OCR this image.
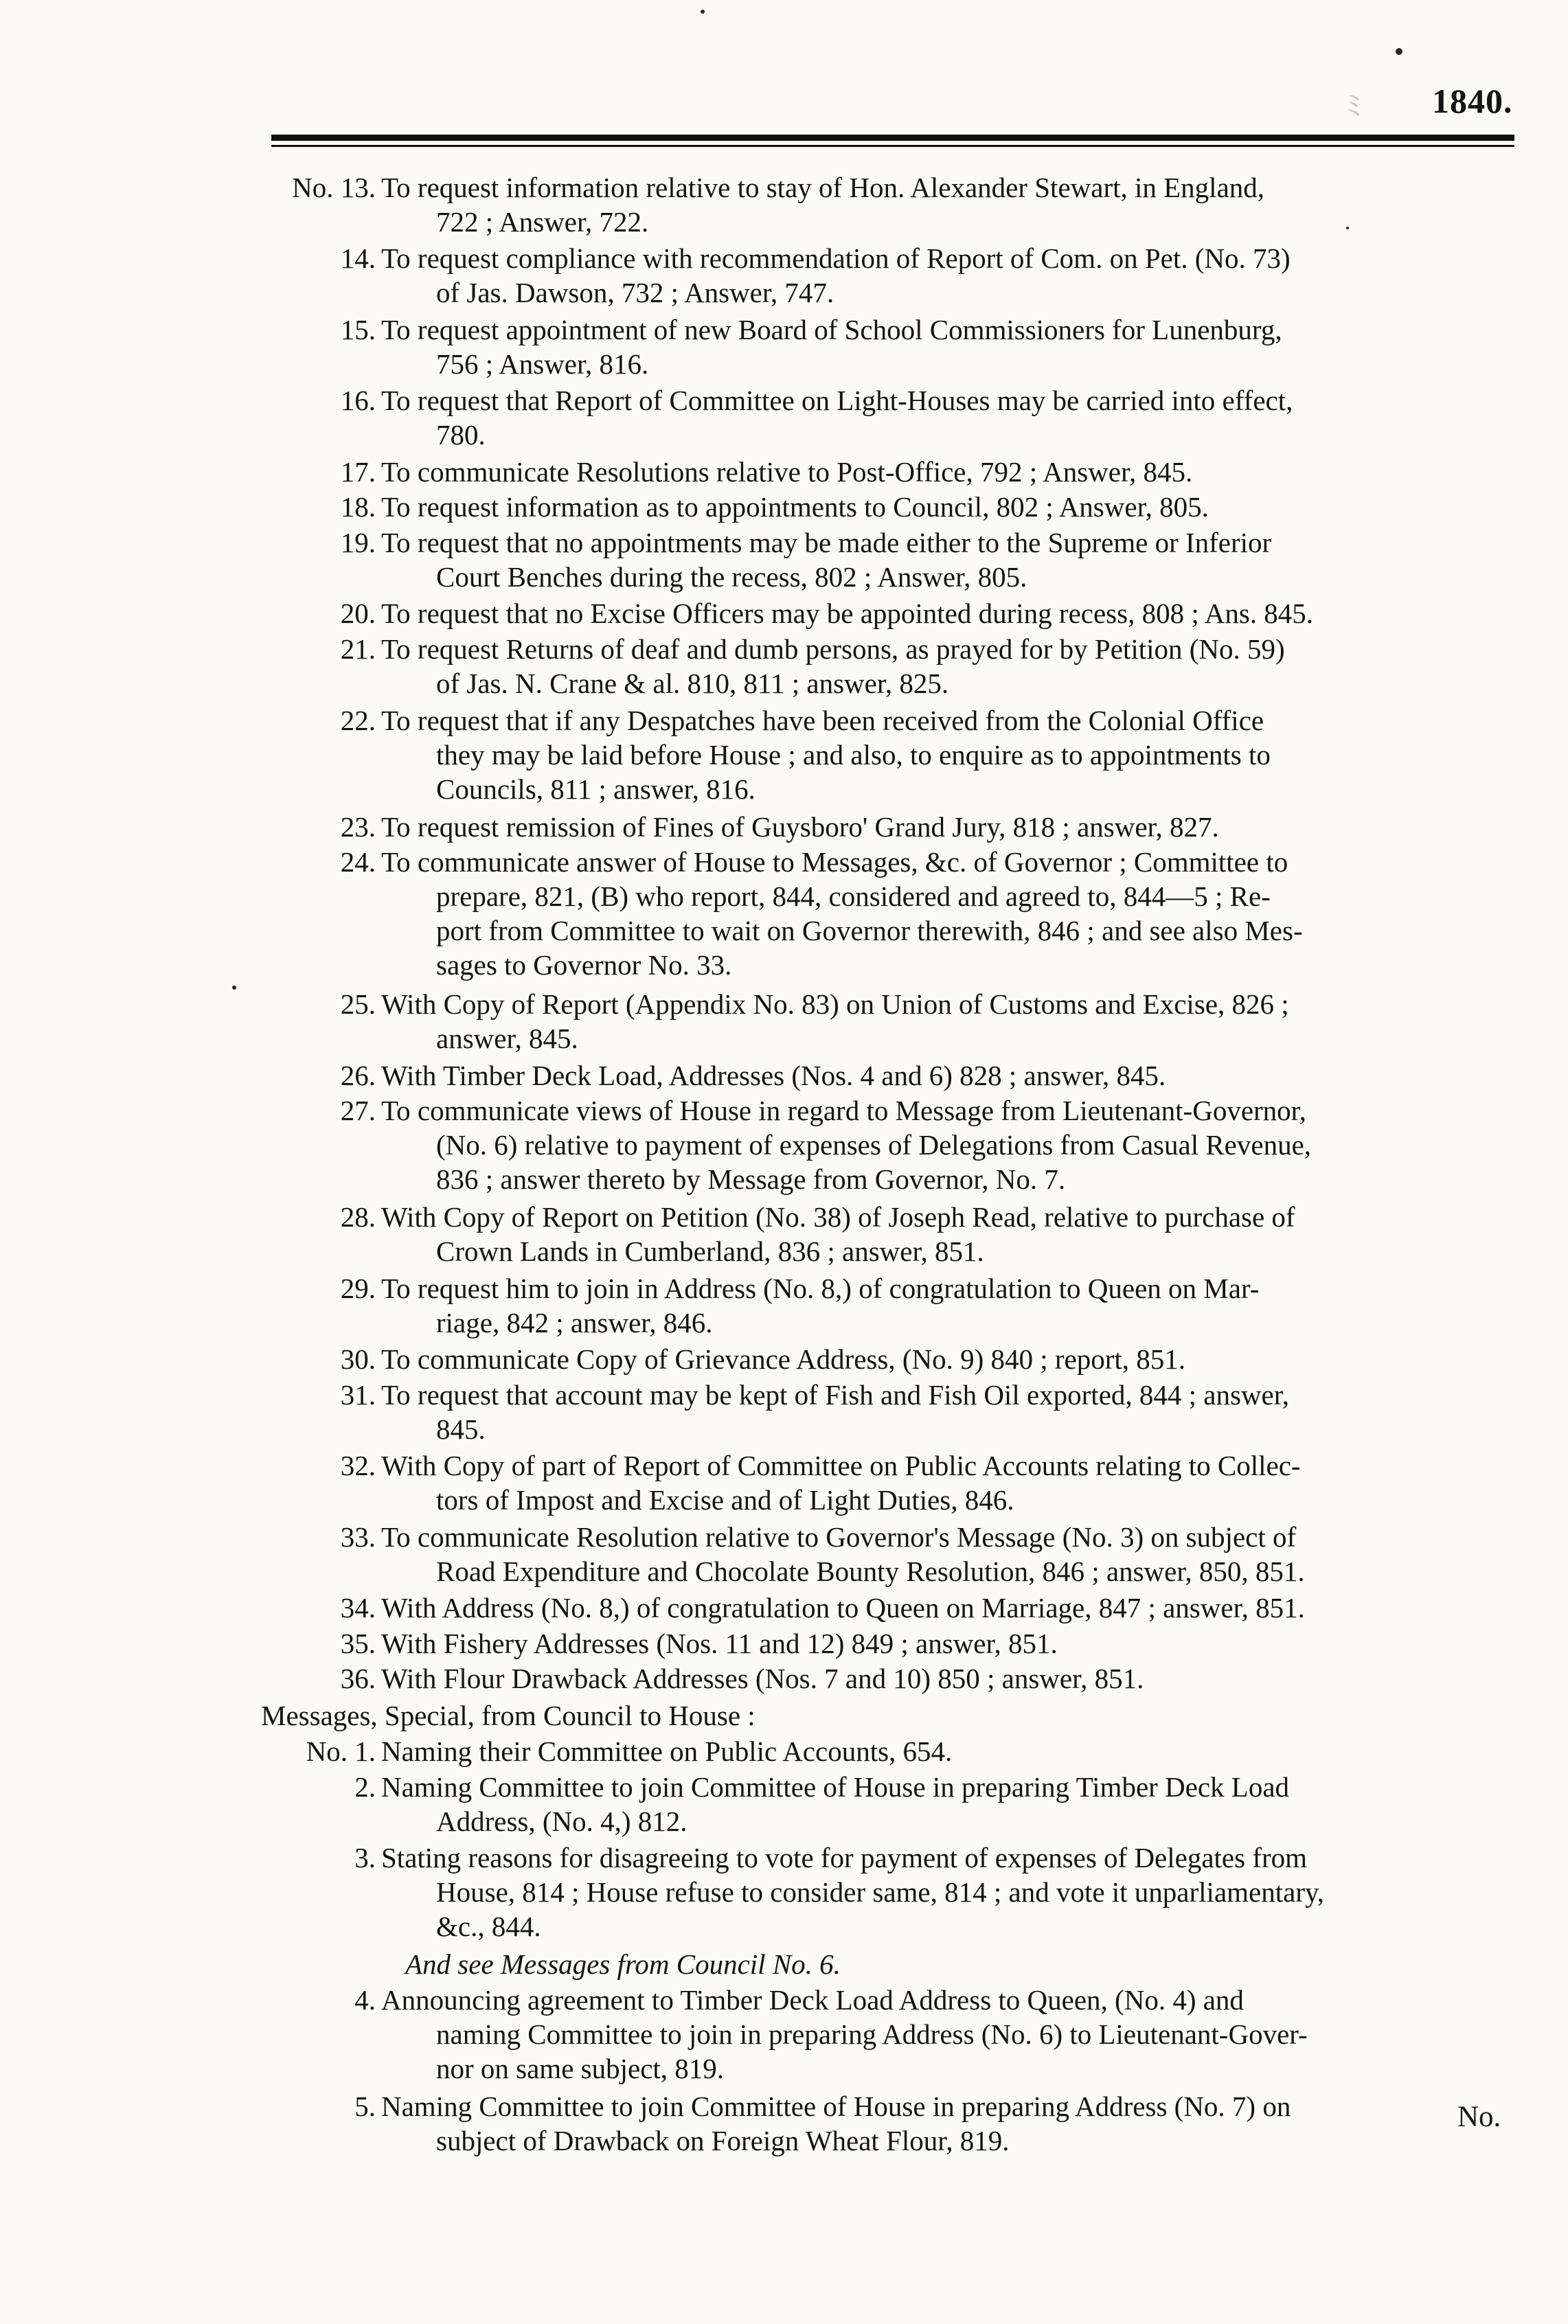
ﾐ 1840.
No. 13. To request information relative to stay of Hon. Alexander Stewart, in England,
722 ; Answer, 722.
14. To request compliance with recommendation of Report of Com. on Pet. (No. 73)
of Jas. Dawson, 732 ; Answer, 747.
15. To request appointment of new Board of School Commissioners for Lunenburg,
756 ; Answer, 816.
16. To request that Report of Committee on Light-Houses may be carried into effect,
780.
17. To communicate Resolutions relative to Post-Office, 792 ; Answer, 845.
18. To request information as to appointments to Council, 802 ; Answer, 805.
19. To request that no appointments may be made either to the Supreme or Inferior
Court Benches during the recess, 802 ; Answer, 805.
20. To request that no Excise Officers may be appointed during recess, 808 ; Ans. 845.
21. To request Returns of deaf and dumb persons, as prayed for by Petition (No. 59)
of Jas. N. Crane & al. 810, 811 ; answer, 825.
22. To request that if any Despatches have been received from the Colonial Office
they may be laid before House ; and also, to enquire as to appointments to
Councils, 811 ; answer, 816.
23. To request remission of Fines of Guysboro' Grand Jury, 818 ; answer, 827.
24. To communicate answer of House to Messages, &c. of Governor ; Committee to
prepare, 821, (B) who report, 844, considered and agreed to, 844—5 ; Re-
port from Committee to wait on Governor therewith, 846 ; and see also Mes-
sages to Governor No. 33.
25. With Copy of Report (Appendix No. 83) on Union of Customs and Excise, 826 ;
answer, 845.
26. With Timber Deck Load, Addresses (Nos. 4 and 6) 828 ; answer, 845.
27. To communicate views of House in regard to Message from Lieutenant-Governor,
(No. 6) relative to payment of expenses of Delegations from Casual Revenue,
836 ; answer thereto by Message from Governor, No. 7.
28. With Copy of Report on Petition (No. 38) of Joseph Read, relative to purchase of
Crown Lands in Cumberland, 836 ; answer, 851.
29. To request him to join in Address (No. 8,) of congratulation to Queen on Mar-
riage, 842 ; answer, 846.
30. To communicate Copy of Grievance Address, (No. 9) 840 ; report, 851.
31. To request that account may be kept of Fish and Fish Oil exported, 844 ; answer,
845.
32. With Copy of part of Report of Committee on Public Accounts relating to Collec-
tors of Impost and Excise and of Light Duties, 846.
33. To communicate Resolution relative to Governor's Message (No. 3) on subject of
Road Expenditure and Chocolate Bounty Resolution, 846 ; answer, 850, 851.
34. With Address (No. 8,) of congratulation to Queen on Marriage, 847 ; answer, 851.
35. With Fishery Addresses (Nos. 11 and 12) 849 ; answer, 851.
36. With Flour Drawback Addresses (Nos. 7 and 10) 850 ; answer, 851.
Messages, Special, from Council to House :
No. 1. Naming their Committee on Public Accounts, 654.
2. Naming Committee to join Committee of House in preparing Timber Deck Load
Address, (No. 4,) 812.
3. Stating reasons for disagreeing to vote for payment of expenses of Delegates from
House, 814 ; House refuse to consider same, 814 ; and vote it unparliamentary,
&c., 844.
4. Announcing agreement to Timber Deck Load Address to Queen, (No. 4) and
naming Committee to join in preparing Address (No. 6) to Lieutenant-Gover-
nor on same subject, 819.
5. Naming Committee to join Committee of House in preparing Address (No. 7) on
subject of Drawback on Foreign Wheat Flour, 819.
And see Messages from Council No. 6.
No.
